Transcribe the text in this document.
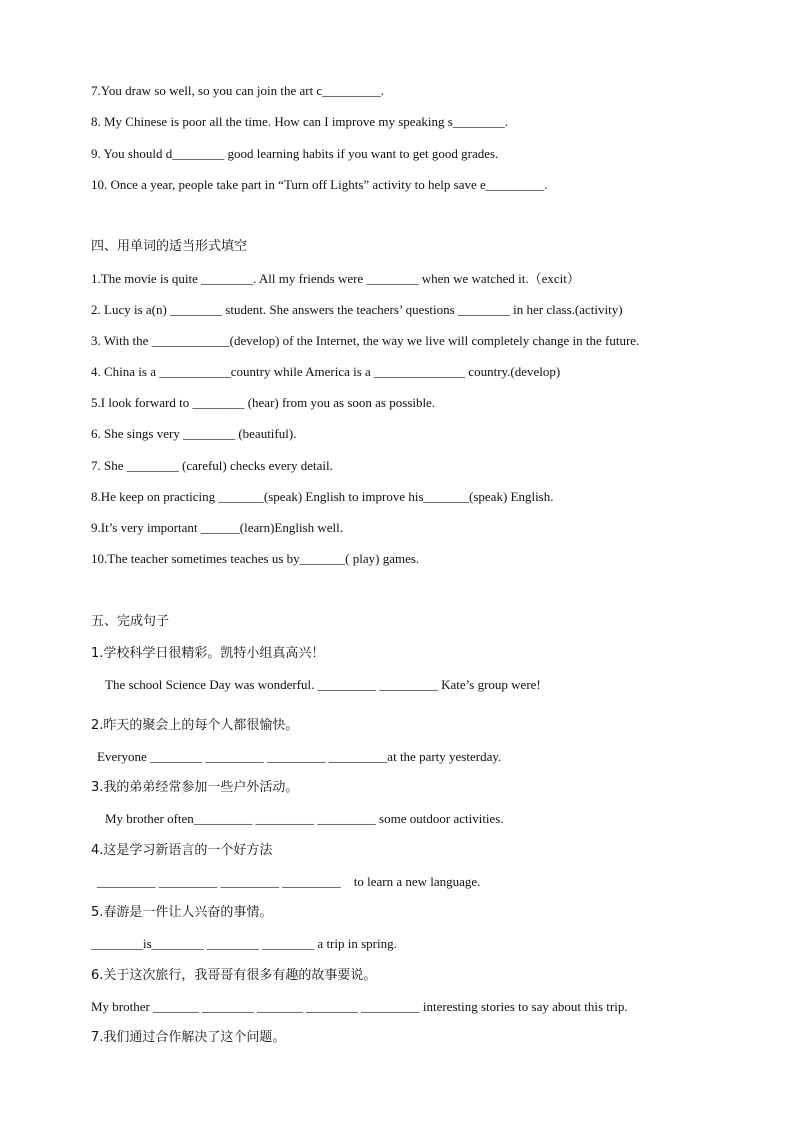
7.You draw so well, so you can join the art c_________.
8. My Chinese is poor all the time. How can I improve my speaking s________.
9. You should d________ good learning habits if you want to get good grades.
10. Once a year, people take part in “Turn off Lights” activity to help save e_________.
四、用单词的适当形式填空
1.The movie is quite ________. All my friends were ________ when we watched it.（excit）
2. Lucy is a(n) ________ student. She answers the teachers’ questions ________ in her class.(activity)
3. With the ____________(develop) of the Internet, the way we live will completely change in the future.
4. China is a ___________country while America is a ______________ country.(develop)
5.I look forward to ________ (hear) from you as soon as possible.
6. She sings very ________ (beautiful).
7. She ________ (careful) checks every detail.
8.He keep on practicing _______(speak) English to improve his_______(speak) English.
9.It’s very important ______(learn)English well.
10.The teacher sometimes teaches us by_______( play) games.
五、完成句子
1.学校科学日很精彩。凯特小组真高兴！
The school Science Day was wonderful. _________ _________ Kate’s group were!
2.昨天的聚会上的每个人都很愉快。
Everyone ________ _________ _________ _________at the party yesterday.
3.我的弟弟经常参加一些户外活动。
My brother often_________ _________ _________ some outdoor activities.
4.这是学习新语言的一个好方法
_________ _________ _________ _________    to learn a new language.
5.春游是一件让人兴奋的事情。
________is________ ________ ________ a trip in spring.
6.关于这次旅行，我哥哥有很多有趣的故事要说。
My brother _______ ________ _______ ________ _________ interesting stories to say about this trip.
7.我们通过合作解决了这个问题。
